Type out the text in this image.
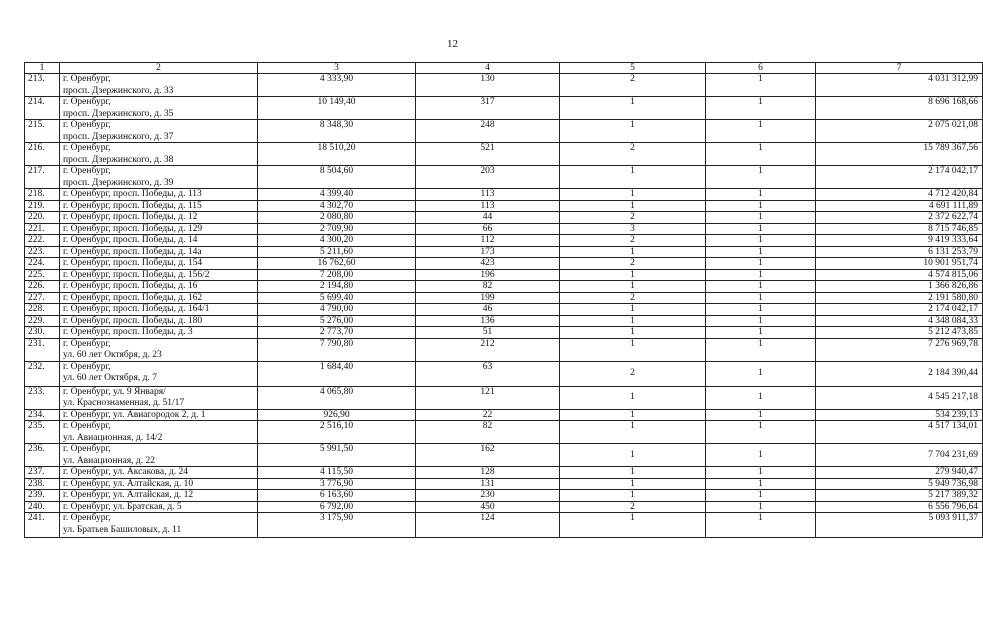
12
1	2	3	4	5	6	7
213.	г. Оренбург,
просп. Дзержинского, д. 33	4 333,90	130	2	1	4 031 312,99
214.	г. Оренбург,
просп. Дзержинского, д. 35	10 149,40	317	1	1	8 696 168,66
215.	г. Оренбург,
просп. Дзержинского, д. 37	8 348,30	248	1	1	2 075 021,08
216.	г. Оренбург,
просп. Дзержинского, д. 38	18 510,20	521	2	1	15 789 367,56
217.	г. Оренбург,
просп. Дзержинского, д. 39	8 504,60	203	1	1	2 174 042,17
218.	г. Оренбург, просп. Победы, д. 113	4 399,40	113	1	1	4 712 420,84
219.	г. Оренбург, просп. Победы, д. 115	4 302,70	113	1	1	4 691 111,89
220.	г. Оренбург, просп. Победы, д. 12	2 080,80	44	2	1	2 372 622,74
221.	г. Оренбург, просп. Победы, д. 129	2 709,90	66	3	1	8 715 746,85
222.	г. Оренбург, просп. Победы, д. 14	4 300,20	112	2	1	9 419 333,64
223.	г. Оренбург, просп. Победы, д. 14а	5 211,60	173	1	1	6 131 253,79
224.	г. Оренбург, просп. Победы, д. 154	16 762,60	423	2	1	10 901 951,74
225.	г. Оренбург, просп. Победы, д. 156/2	7 208,00	196	1	1	4 574 815,06
226.	г. Оренбург, просп. Победы, д. 16	2 194,80	82	1	1	1 366 826,86
227.	г. Оренбург, просп. Победы, д. 162	5 699,40	199	2	1	2 191 580,80
228.	г. Оренбург, просп. Победы, д. 164/1	4 790,00	46	1	1	2 174 042,17
229.	г. Оренбург, просп. Победы, д. 180	5 276,00	136	1	1	4 348 084,33
230.	г. Оренбург, просп. Победы, д. 3	2 773,70	51	1	1	5 212 473,85
231.	г. Оренбург,
ул. 60 лет Октября, д. 23	7 790,80	212	1	1	7 276 969,78
232.	г. Оренбург,
ул. 60 лет Октября, д. 7	1 684,40	63	2	1	2 184 390,44
233.	г. Оренбург, ул. 9 Января/
ул. Краснознаменная, д. 51/17	4 065,80	121	1	1	4 545 217,18
234.	г. Оренбург, ул. Авиагородок 2, д. 1	926,90	22	1	1	534 239,13
235.	г. Оренбург,
ул. Авиационная, д. 14/2	2 516,10	82	1	1	4 517 134,01
236.	г. Оренбург,
ул. Авиационная, д. 22	5 991,50	162	1	1	7 704 231,69
237.	г. Оренбург, ул. Аксакова, д. 24	4 115,50	128	1	1	279 940,47
238.	г. Оренбург, ул. Алтайская, д. 10	3 776,90	131	1	1	5 949 736,98
239.	г. Оренбург, ул. Алтайская, д. 12	6 163,60	230	1	1	5 217 389,32
240.	г. Оренбург, ул. Братская, д. 5	6 792,00	450	2	1	6 556 796,64
241.	г. Оренбург,
ул. Братьев Башиловых, д. 11	3 175,90	124	1	1	5 093 911,37
